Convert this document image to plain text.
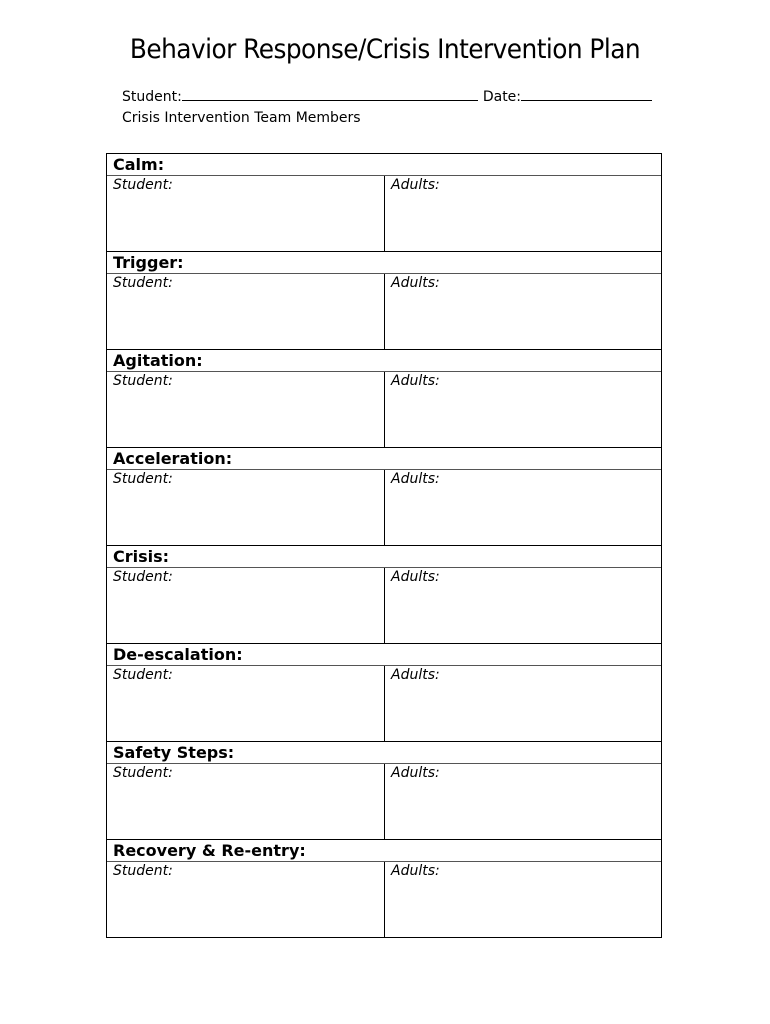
Behavior Response/Crisis Intervention Plan
Student:	Date:
Crisis Intervention Team Members
Calm:
Student:	Adults:
Trigger:
Student:	Adults:
Agitation:
Student:	Adults:
Acceleration:
Student:	Adults:
Crisis:
Student:	Adults:
De-escalation:
Student:	Adults:
Safety Steps:
Student:	Adults:
Recovery & Re-entry:
Student:	Adults:
